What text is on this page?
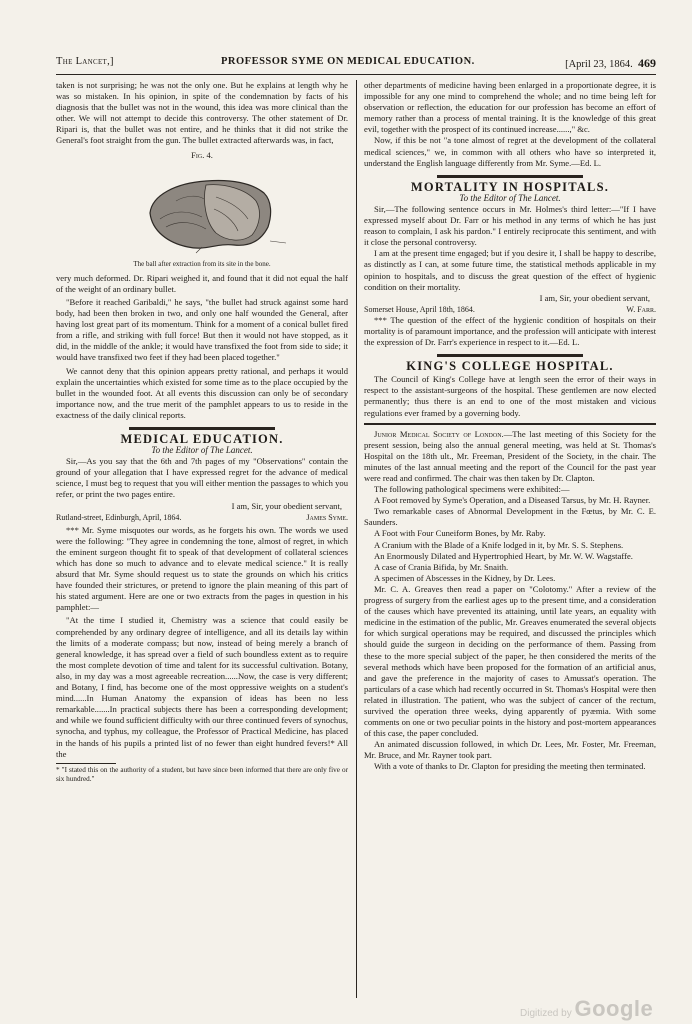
The Lancet,]	PROFESSOR SYME ON MEDICAL EDUCATION.	[April 23, 1864. 469

taken is not surprising; he was not the only one. But he explains at length why he was so mistaken. In his opinion, in spite of the condemnation by facts of his diagnosis that the bullet was not in the wound, this idea was more clinical than the other. We will not attempt to decide this controversy. The other statement of Dr. Ripari is, that the bullet was not entire, and he thinks that it did not strike the General's foot straight from the gun. The bullet extracted afterwards was, in fact,

Fig. 4.

The ball after extraction from its site in the bone.

very much deformed. Dr. Ripari weighed it, and found that it did not equal the half of the weight of an ordinary bullet.

"Before it reached Garibaldi," he says, "the bullet had struck against some hard body, had been then broken in two, and only one half wounded the General, after having lost great part of its momentum. Think for a moment of a conical bullet fired from a rifle, and striking with full force! But then it would not have stopped, as it did, in the middle of the ankle; it would have transfixed the foot from side to side; it would have transfixed two feet if they had been placed together."

We cannot deny that this opinion appears pretty rational, and perhaps it would explain the uncertainties which existed for some time as to the place occupied by the bullet in the wounded foot. At all events this discussion can only be of secondary importance now, and the true merit of the pamphlet appears to us to reside in the exactness of the daily clinical reports.

MEDICAL EDUCATION.

To the Editor of The Lancet.

Sir,—As you say that the 6th and 7th pages of my "Observations" contain the ground of your allegation that I have expressed regret for the advance of medical science, I must beg to request that you will either mention the passages to which you refer, or print the two pages entire.

I am, Sir, your obedient servant,

Rutland-street, Edinburgh, April, 1864.	James Syme.

*** Mr. Syme misquotes our words, as he forgets his own. The words we used were the following: "They agree in condemning the tone, almost of regret, in which the eminent surgeon thought fit to speak of that development of collateral sciences which has done so much to advance and to elevate medical science." It is really absurd that Mr. Syme should request us to state the grounds on which his critics have founded their strictures, or pretend to ignore the plain meaning of this part of his stated argument. Here are one or two extracts from the pages in question in his pamphlet:—

"At the time I studied it, Chemistry was a science that could easily be comprehended by any ordinary degree of intelligence, and all its details lay within the limits of a moderate compass; but now, instead of being merely a branch of general knowledge, it has spread over a field of such boundless extent as to require the most complete devotion of time and talent for its successful cultivation. Botany, also, in my day was a most agreeable recreation......Now, the case is very different; and Botany, I find, has become one of the most oppressive weights on a student's mind......In Human Anatomy the expansion of ideas has been no less remarkable.......In practical subjects there has been a corresponding development; and while we found sufficient difficulty with our three continued fevers of synochus, synocha, and typhus, my colleague, the Professor of Practical Medicine, has placed in the hands of his pupils a printed list of no fewer than eight hundred fevers!* All the

* "I stated this on the authority of a student, but have since been informed that there are only five or six hundred."

other departments of medicine having been enlarged in a proportionate degree, it is impossible for any one mind to comprehend the whole; and no time being left for observation or reflection, the education for our profession has become an effort of memory rather than a process of mental training. It is the knowledge of this great evil, together with the prospect of its continued increase......," &c.

Now, if this be not "a tone almost of regret at the development of the collateral medical sciences," we, in common with all others who have so interpreted it, understand the English language differently from Mr. Syme.—Ed. L.

MORTALITY IN HOSPITALS.

To the Editor of The Lancet.

Sir,—The following sentence occurs in Mr. Holmes's third letter:—"If I have expressed myself about Dr. Farr or his method in any terms of which he has just reason to complain, I ask his pardon." I entirely reciprocate this sentiment, and with it close the personal controversy.

I am at the present time engaged; but if you desire it, I shall be happy to describe, as distinctly as I can, at some future time, the statistical methods applicable in my opinion to hospitals, and to discuss the great question of the effect of hygienic condition on their mortality.

I am, Sir, your obedient servant,

Somerset House, April 18th, 1864.	W. Farr.

*** The question of the effect of the hygienic condition of hospitals on their mortality is of paramount importance, and the profession will anticipate with interest the expression of Dr. Farr's experience in respect to it.—Ed. L.

KING'S COLLEGE HOSPITAL.

The Council of King's College have at length seen the error of their ways in respect to the assistant-surgeons of the hospital. These gentlemen are now elected permanently; thus there is an end to one of the most mistaken and vicious regulations ever framed by a governing body.

Junior Medical Society of London.—The last meeting of this Society for the present session, being also the annual general meeting, was held at St. Thomas's Hospital on the 18th ult., Mr. Freeman, President of the Society, in the chair. The minutes of the last annual meeting and the report of the Council for the past year were read and confirmed. The chair was then taken by Dr. Clapton.

The following pathological specimens were exhibited:—

A Foot removed by Syme's Operation, and a Diseased Tarsus, by Mr. H. Rayner.

Two remarkable cases of Abnormal Development in the Fœtus, by Mr. C. E. Saunders.

A Foot with Four Cuneiform Bones, by Mr. Raby.

A Cranium with the Blade of a Knife lodged in it, by Mr. S. S. Stephens.

An Enormously Dilated and Hypertrophied Heart, by Mr. W. W. Wagstaffe.

A case of Crania Bifida, by Mr. Snaith.

A specimen of Abscesses in the Kidney, by Dr. Lees.

Mr. C. A. Greaves then read a paper on "Colotomy." After a review of the progress of surgery from the earliest ages up to the present time, and a consideration of the causes which have prevented its attaining, until late years, an equality with medicine in the estimation of the public, Mr. Greaves enumerated the several objects for which surgical operations may be required, and discussed the principles which should guide the surgeon in deciding on the performance of them. Passing from these to the more special subject of the paper, he then considered the merits of the several methods which have been proposed for the formation of an artificial anus, and gave the preference in the majority of cases to Amussat's operation. The particulars of a case which had recently occurred in St. Thomas's Hospital were then related in illustration. The patient, who was the subject of cancer of the rectum, survived the operation three weeks, dying apparently of pyæmia. With some comments on one or two peculiar points in the history and post-mortem appearances of this case, the paper concluded.

An animated discussion followed, in which Dr. Lees, Mr. Foster, Mr. Freeman, Mr. Bruce, and Mr. Rayner took part.

With a vote of thanks to Dr. Clapton for presiding the meeting then terminated.

Digitized by Google
